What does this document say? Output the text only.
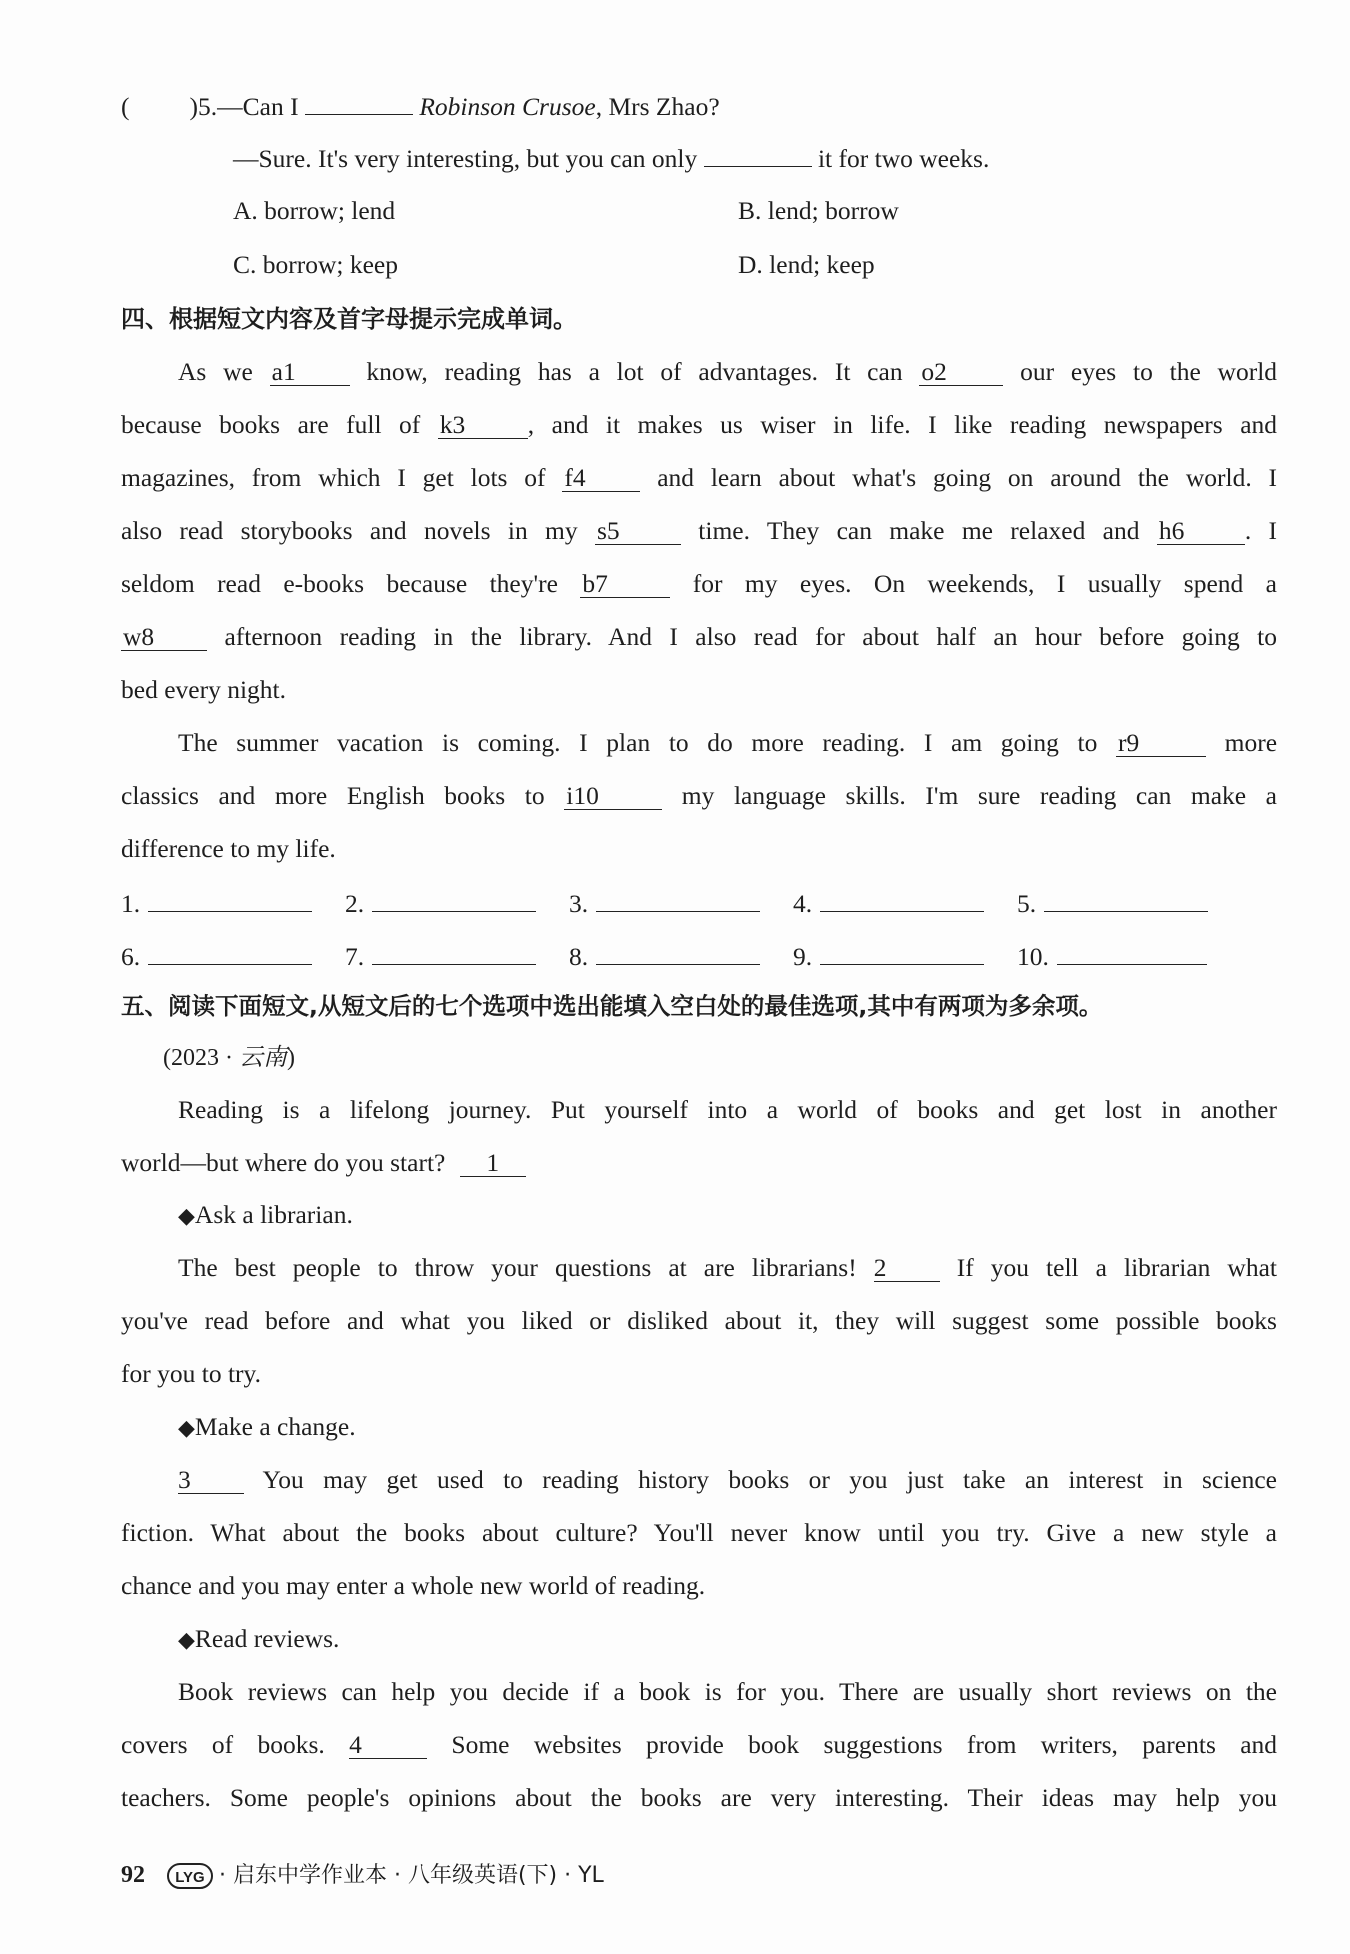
( )5.—Can I	Robinson Crusoe, Mrs Zhao?
—Sure. It's very interesting, but you can only	it for two weeks.
A. borrow; lend	B. lend; borrow
C. borrow; keep	D. lend; keep
四、根据短文内容及首字母提示完成单词。
As we a 1	know, reading has a lot of advantages. It can o 2	our eyes to the world
because books are full of k 3 , and it makes us wiser in life. I like reading newspapers and
magazines, from which I get lots of f 4	and learn about what's going on around the world. I
also read storybooks and novels in my s 5	time. They can make me relaxed and h 6 . I
seldom read e-books because they're b 7	for my eyes. On weekends, I usually spend a
w 8	afternoon reading in the library. And I also read for about half an hour before going to
bed every night.
The summer vacation is coming. I plan to do more reading. I am going to r 9	more
classics and more English books to i 10	my language skills. I'm sure reading can make a
difference to my life.
1.	2.	3.	4.	5.
6.	7.	8.	9.	10.
五、阅读下面短文,从短文后的七个选项中选出能填入空白处的最佳选项,其中有两项为多余项。
(2023 · 云南)
Reading is a lifelong journey. Put yourself into a world of books and get lost in another
world—but where do you start? 1
◆Ask a librarian.
The best people to throw your questions at are librarians! 2	If you tell a librarian what
you've read before and what you liked or disliked about it, they will suggest some possible books
for you to try.
◆Make a change.
3	You may get used to reading history books or you just take an interest in science
fiction. What about the books about culture? You'll never know until you try. Give a new style a
chance and you may enter a whole new world of reading.
◆Read reviews.
Book reviews can help you decide if a book is for you. There are usually short reviews on the
covers of books. 4	Some websites provide book suggestions from writers, parents and
teachers. Some people's opinions about the books are very interesting. Their ideas may help you
92 LYG · 启东中学作业本 · 八年级英语(下) · YL
